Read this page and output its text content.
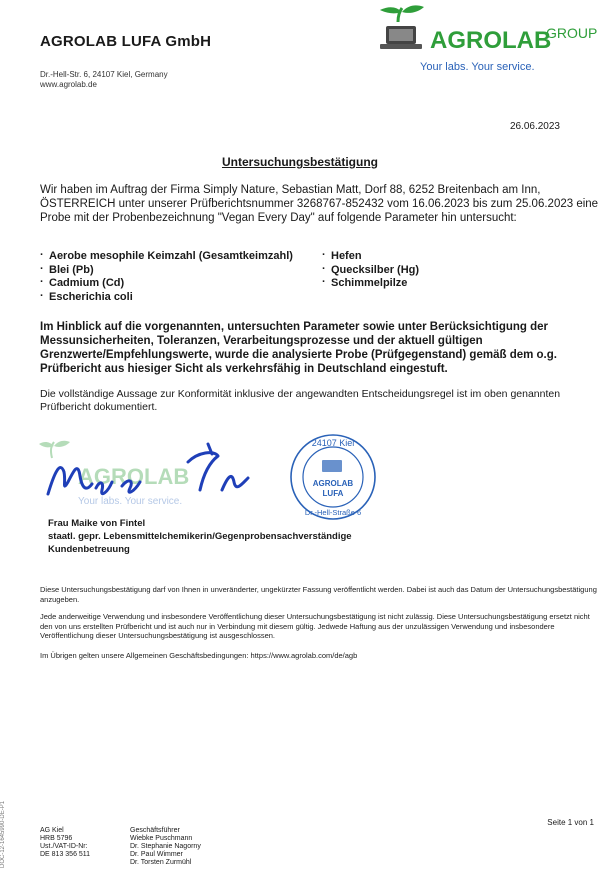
AGROLAB LUFA GmbH
Dr.-Hell-Str. 6, 24107 Kiel, Germany
www.agrolab.de
AGROLAB
GROUP
Your labs. Your service.
26.06.2023
Untersuchungsbestätigung
Wir haben im Auftrag der Firma Simply Nature, Sebastian Matt, Dorf 88, 6252 Breitenbach am Inn, ÖSTERREICH unter unserer Prüfberichtsnummer 3268767-852432 vom 16.06.2023 bis zum 25.06.2023 eine Probe mit der Probenbezeichnung "Vegan Every Day" auf folgende Parameter hin untersucht:
· Aerobe mesophile Keimzahl (Gesamtkeimzahl)
· Blei (Pb)
· Cadmium (Cd)
· Escherichia coli
· Hefen
· Quecksilber (Hg)
· Schimmelpilze
Im Hinblick auf die vorgenannten, untersuchten Parameter sowie unter Berücksichtigung der Messunsicherheiten, Toleranzen, Verarbeitungsprozesse und der aktuell gültigen Grenzwerte/Empfehlungswerte, wurde die analysierte Probe (Prüfgegenstand) gemäß dem o.g. Prüfbericht aus hiesiger Sicht als verkehrsfähig in Deutschland eingestuft.
Die vollständige Aussage zur Konformität inklusive der angewandten Entscheidungsregel ist im oben genannten Prüfbericht dokumentiert.
AGROLAB
Your labs. Your service.
24107 Kiel
AGROLAB
LUFA
Dr.-Hell-Straße 6
Frau Maike von Fintel
staatl. gepr. Lebensmittelchemikerin/Gegenprobensachverständige
Kundenbetreuung
Diese Untersuchungsbestätigung darf von Ihnen in unveränderter, ungekürzter Fassung veröffentlicht werden. Dabei ist auch das Datum der Untersuchungsbestätigung anzugeben.
Jede anderweitige Verwendung und insbesondere Veröffentlichung dieser Untersuchungsbestätigung ist nicht zulässig. Diese Untersuchungsbestätigung ersetzt nicht den von uns erstellten Prüfbericht und ist auch nur in Verbindung mit diesem gültig. Jedwede Haftung aus der unzulässigen Verwendung und insbesondere Veröffentlichung dieser Untersuchungsbestätigung ist ausgeschlossen.
Im Übrigen gelten unsere Allgemeinen Geschäftsbedingungen: https://www.agrolab.com/de/agb
DOC-12-1645990-DE-P1	Seite 1 von 1
AG Kiel
HRB 5796
Ust./VAT-ID-Nr:
DE 813 356 511
Geschäftsführer
Wiebke Puschmann
Dr. Stephanie Nagorny
Dr. Paul Wimmer
Dr. Torsten Zurmühl
